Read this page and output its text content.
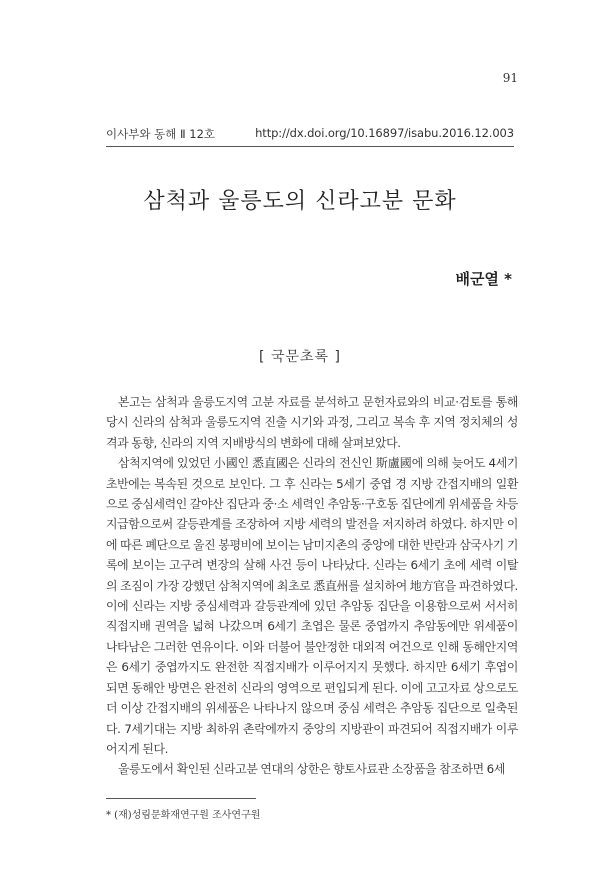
91
이사부와 동해 Ⅱ 12호	http://dx.doi.org/10.16897/isabu.2016.12.003
삼척과 울릉도의 신라고분 문화
배군열 *
[ 국문초록 ]

본고는 삼척과 울릉도지역 고분 자료를 분석하고 문헌자료와의 비교·검토를 통해 당시 신라의 삼척과 울릉도지역 진출 시기와 과정, 그리고 복속 후 지역 정치체의 성격과 동향, 신라의 지역 지배방식의 변화에 대해 살펴보았다.

삼척지역에 있었던 小國인 悉直國은 신라의 전신인 斯盧國에 의해 늦어도 4세기 초반에는 복속된 것으로 보인다. 그 후 신라는 5세기 중엽 경 지방 간접지배의 일환으로 중심세력인 갈야산 집단과 중·소 세력인 추암동·구호동 집단에게 위세품을 차등 지급함으로써 갈등관계를 조장하여 지방 세력의 발전을 저지하려 하였다. 하지만 이에 따른 폐단으로 울진 봉평비에 보이는 남미지촌의 중앙에 대한 반란과 삼국사기 기록에 보이는 고구려 변장의 살해 사건 등이 나타났다. 신라는 6세기 초에 세력 이탈의 조짐이 가장 강했던 삼척지역에 최초로 悉直州를 설치하여 地方官을 파견하였다. 이에 신라는 지방 중심세력과 갈등관계에 있던 추암동 집단을 이용함으로써 서서히 직접지배 권역을 넓혀 나갔으며 6세기 초엽은 물론 중엽까지 추암동에만 위세품이 나타남은 그러한 연유이다. 이와 더불어 불안정한 대외적 여건으로 인해 동해안지역은 6세기 중엽까지도 완전한 직접지배가 이루어지지 못했다. 하지만 6세기 후엽이 되면 동해안 방면은 완전히 신라의 영역으로 편입되게 된다. 이에 고고자료 상으로도 더 이상 간접지배의 위세품은 나타나지 않으며 중심 세력은 추암동 집단으로 일축된다. 7세기대는 지방 최하위 촌락에까지 중앙의 지방관이 파견되어 직접지배가 이루어지게 된다.

울릉도에서 확인된 신라고분 연대의 상한은 향토사료관 소장품을 참조하면 6세

* (재)성림문화재연구원 조사연구원
